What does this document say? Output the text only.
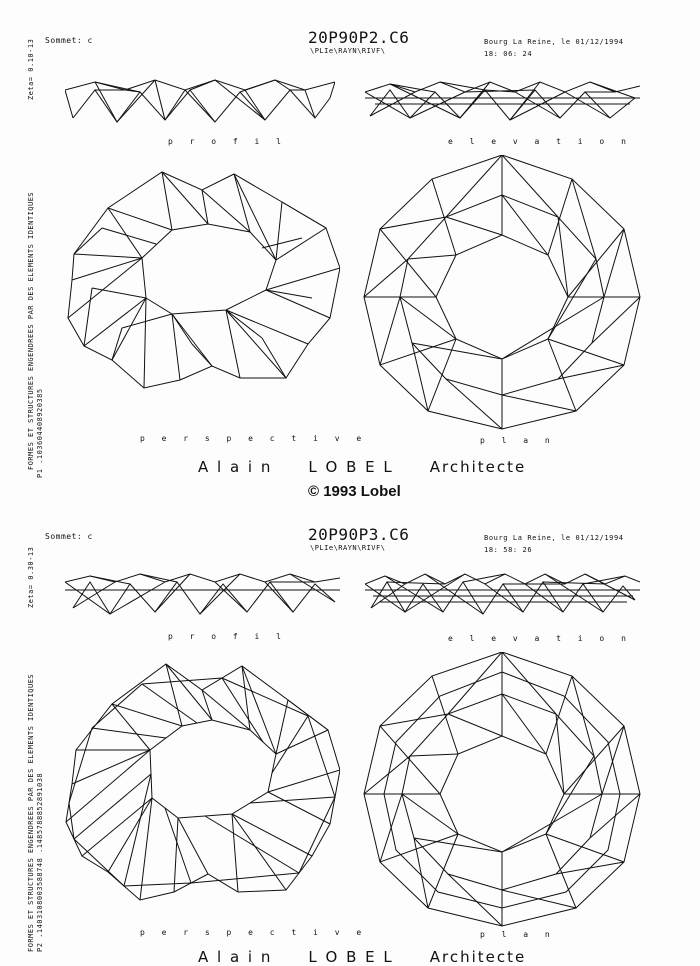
Sommet: c	20P90P2.C6
\PLIe\RAYN\RIVF\
Bourg La Reine, le 01/12/1994
18: 06: 24
FORMES ET STRUCTURES ENGENDREES PAR DES ELEMENTS IDENTIQUES P1 .103604408920385
Zeta= 0.10-13
p r o f i l	e l e v a t i o n
p e r s p e c t i v e	p l a n
A l a i n L O B E L Architecte
© 1993 Lobel
Sommet: c	20P90P3.C6
\PLIe\RAYN\RIVF\
Bourg La Reine, le 01/12/1994
18: 58: 26
FORMES ET STRUCTURES ENGENDREES PAR DES ELEMENTS IDENTIQUES P2 .1403108003588748 .1485788852891038
Zeta= 0.30-13
p r o f i l	e l e v a t i o n
p e r s p e c t i v e	p l a n
A l a i n L O B E L Architecte
